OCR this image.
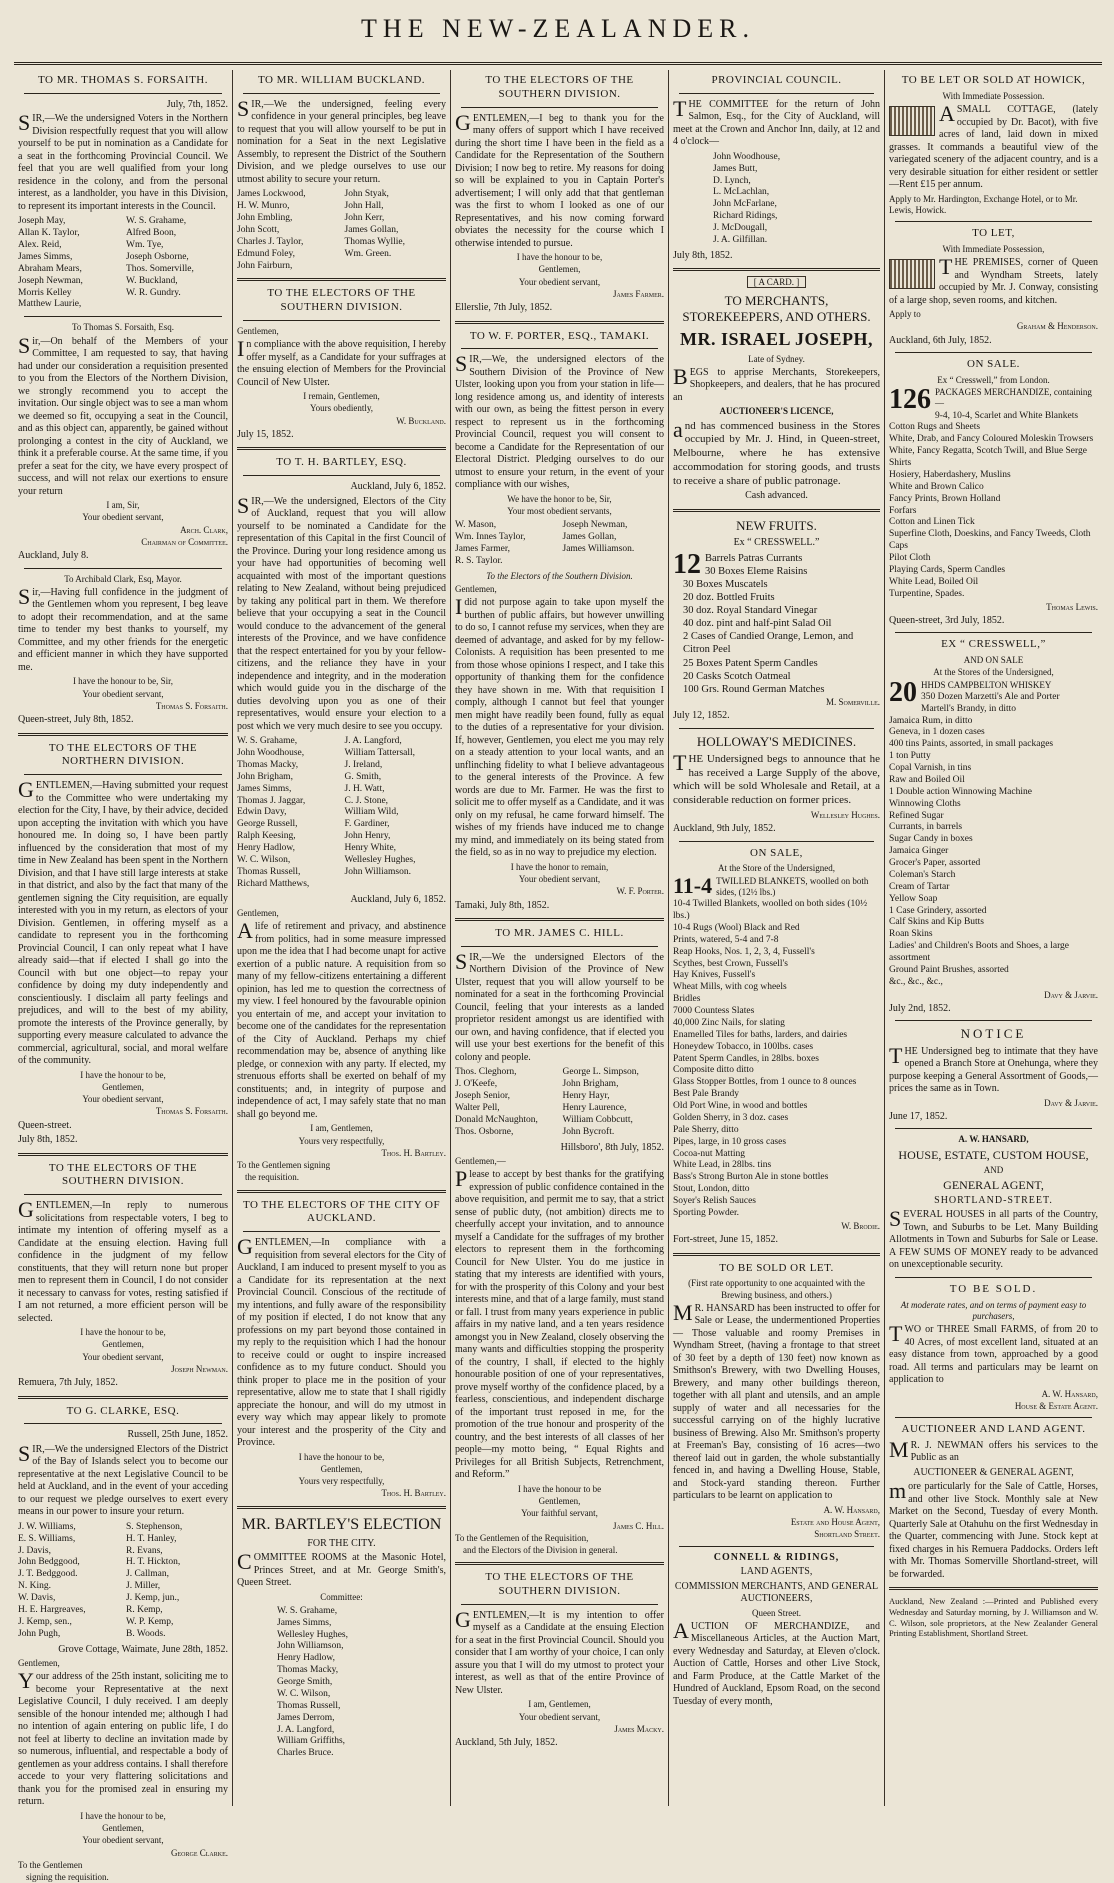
THE NEW-ZEALANDER.
TO MR. THOMAS S. FORSAITH.
July, 7th, 1852.
SIR,—We the undersigned Voters in the Northern Division respectfully request that you will allow yourself to be put in nomination as a Candidate for a seat in the forthcoming Provincial Council. We feel that you are well qualified from your long residence in the colony, and from the personal interest, as a landholder, you have in this Division, to represent its important interests in the Council.
Joseph May,	W. S. Grahame,
Allan K. Taylor,	Alfred Boon,
Alex. Reid,	Wm. Tye,
James Simms,	Joseph Osborne,
Abraham Mears,	Thos. Somerville,
Joseph Newman,	W. Buckland,
Morris Kelley	W. R. Gundry.
Matthew Laurie,
To Thomas S. Forsaith, Esq.
Sir,—On behalf of the Members of your Committee, I am requested to say, that having had under our consideration a requisition presented to you from the Electors of the Northern Division, we strongly recommend you to accept the invitation. Our single object was to see a man whom we deemed so fit, occupying a seat in the Council, and as this object can, apparently, be gained without prolonging a contest in the city of Auckland, we think it a preferable course. At the same time, if you prefer a seat for the city, we have every prospect of success, and will not relax our exertions to ensure your return
I am, Sir,
Your obedient servant,
Arch. Clark,
Chairman of Committee.
Auckland, July 8.
To Archibald Clark, Esq, Mayor.
Sir,—Having full confidence in the judgment of the Gentlemen whom you represent, I beg leave to adopt their recommendation, and at the same time to tender my best thanks to yourself, my Committee, and my other friends for the energetic and efficient manner in which they have supported me.
I have the honour to be, Sir,
Your obedient servant,
Thomas S. Forsaith.
Queen-street, July 8th, 1852.
TO THE ELECTORS OF THE NORTHERN DIVISION.
GENTLEMEN,—Having submitted your request to the Committee who were undertaking my election for the City, I have, by their advice, decided upon accepting the invitation with which you have honoured me. In doing so, I have been partly influenced by the consideration that most of my time in New Zealand has been spent in the Northern Division, and that I have still large interests at stake in that district, and also by the fact that many of the gentlemen signing the City requisition, are equally interested with you in my return, as electors of your Division. Gentlemen, in offering myself as a candidate to represent you in the forthcoming Provincial Council, I can only repeat what I have already said—that if elected I shall go into the Council with but one object—to repay your confidence by doing my duty independently and conscientiously. I disclaim all party feelings and prejudices, and will to the best of my ability, promote the interests of the Province generally, by supporting every measure calculated to advance the commercial, agricultural, social, and moral welfare of the community.
I have the honour to be,
Gentlemen,
Your obedient servant,
Thomas S. Forsaith.
Queen-street.
July 8th, 1852.
TO THE ELECTORS OF THE SOUTHERN DIVISION.
GENTLEMEN,—In reply to numerous solicitations from respectable voters, I beg to intimate my intention of offering myself as a Candidate at the ensuing election. Having full confidence in the judgment of my fellow constituents, that they will return none but proper men to represent them in Council, I do not consider it necessary to canvass for votes, resting satisfied if I am not returned, a more efficient person will be selected.
I have the honour to be,
Gentlemen,
Your obedient servant,
Joseph Newman.
Remuera, 7th July, 1852.
TO G. CLARKE, ESQ.
Russell, 25th June, 1852.
SIR,—We the undersigned Electors of the District of the Bay of Islands select you to become our representative at the next Legislative Council to be held at Auckland, and in the event of your acceding to our request we pledge ourselves to exert every means in our power to insure your return.
J. W. Williams,	S. Stephenson,
E. S. Williams,	H. T. Hanley,
J. Davis,	R. Evans,
John Bedggood,	H. T. Hickton,
J. T. Bedggood.	J. Callman,
N. King.	J. Miller,
W. Davis,	J. Kemp, jun.,
H. E. Hargreaves,	R. Kemp,
J. Kemp, sen.,	W. P. Kemp,
John Pugh,	B. Woods.
Grove Cottage, Waimate, June 28th, 1852.
Gentlemen,
Your address of the 25th instant, soliciting me to become your Representative at the next Legislative Council, I duly received. I am deeply sensible of the honour intended me; although I had no intention of again entering on public life, I do not feel at liberty to decline an invitation made by so numerous, influential, and respectable a body of gentlemen as your address contains. I shall therefore accede to your very flattering solicitations and thank you for the promised zeal in ensuring my return.
I have the honour to be,
Gentlemen,
Your obedient servant,
George Clarke.
To the Gentlemen
signing the requisition.
TO MR. WILLIAM BUCKLAND.
SIR,—We the undersigned, feeling every confidence in your general principles, beg leave to request that you will allow yourself to be put in nomination for a Seat in the next Legislative Assembly, to represent the District of the Southern Division, and we pledge ourselves to use our utmost ability to secure your return.
James Lockwood,	John Styak,
H. W. Munro,	John Hall,
John Embling,	John Kerr,
John Scott,	James Gollan,
Charles J. Taylor,	Thomas Wyllie,
Edmund Foley,	Wm. Green.
John Fairburn,
TO THE ELECTORS OF THE SOUTHERN DIVISION.
Gentlemen,
In compliance with the above requisition, I hereby offer myself, as a Candidate for your suffrages at the ensuing election of Members for the Provincial Council of New Ulster.
I remain, Gentlemen,
Yours obediently,
W. Buckland.
July 15, 1852.
TO T. H. BARTLEY, ESQ.
Auckland, July 6, 1852.
SIR,—We the undersigned, Electors of the City of Auckland, request that you will allow yourself to be nominated a Candidate for the representation of this Capital in the first Council of the Province. During your long residence among us your have had opportunities of becoming well acquainted with most of the important questions relating to New Zealand, without being prejudiced by taking any political part in them. We therefore believe that your occupying a seat in the Council would conduce to the advancement of the general interests of the Province, and we have confidence that the respect entertained for you by your fellow-citizens, and the reliance they have in your independence and integrity, and in the moderation which would guide you in the discharge of the duties devolving upon you as one of their representatives, would ensure your election to a post which we very much desire to see you occupy.
W. S. Grahame,	J. A. Langford,
John Woodhouse,	William Tattersall,
Thomas Macky,	J. Ireland,
John Brigham,	G. Smith,
James Simms,	J. H. Watt,
Thomas J. Jaggar,	C. J. Stone,
Edwin Davy,	William Wild,
George Russell,	F. Gardiner,
Ralph Keesing,	John Henry,
Henry Hadlow,	Henry White,
W. C. Wilson,	Wellesley Hughes,
Thomas Russell,	John Williamson.
Richard Matthews,
Auckland, July 6, 1852.
Gentlemen,
Alife of retirement and privacy, and abstinence from politics, had in some measure impressed upon me the idea that I had become unapt for active exertion of a public nature. A requisition from so many of my fellow-citizens entertaining a different opinion, has led me to question the correctness of my view. I feel honoured by the favourable opinion you entertain of me, and accept your invitation to become one of the candidates for the representation of the City of Auckland. Perhaps my chief recommendation may be, absence of anything like pledge, or connexion with any party. If elected, my strenuous efforts shall be exerted on behalf of my constituents; and, in integrity of purpose and independence of act, I may safely state that no man shall go beyond me.
I am, Gentlemen,
Yours very respectfully,
Thos. H. Bartley.
To the Gentlemen signing
the requisition.
TO THE ELECTORS OF THE CITY OF AUCKLAND.
GENTLEMEN,—In compliance with a requisition from several electors for the City of Auckland, I am induced to present myself to you as a Candidate for its representation at the next Provincial Council. Conscious of the rectitude of my intentions, and fully aware of the responsibility of my position if elected, I do not know that any professions on my part beyond those contained in my reply to the requisition which I had the honour to receive could or ought to inspire increased confidence as to my future conduct. Should you think proper to place me in the position of your representative, allow me to state that I shall rigidly appreciate the honour, and will do my utmost in every way which may appear likely to promote your interest and the prosperity of the City and Province.
I have the honour to be,
Gentlemen,
Yours very respectfully,
Thos. H. Bartley.
MR. BARTLEY'S ELECTION
FOR THE CITY.
COMMITTEE ROOMS at the Masonic Hotel, Princes Street, and at Mr. George Smith's, Queen Street.
Committee:
W. S. Grahame,
James Simms,
Wellesley Hughes,
John Williamson,
Henry Hadlow,
Thomas Macky,
George Smith,
W. C. Wilson,
Thomas Russell,
James Derrom,
J. A. Langford,
William Griffiths,
Charles Bruce.
TO THE ELECTORS OF THE SOUTHERN DIVISION.
GENTLEMEN,—I beg to thank you for the many offers of support which I have received during the short time I have been in the field as a Candidate for the Representation of the Southern Division; I now beg to retire. My reasons for doing so will be explained to you in Captain Porter's advertisement; I will only add that that gentleman was the first to whom I looked as one of our Representatives, and his now coming forward obviates the necessity for the course which I otherwise intended to pursue.
I have the honour to be,
Gentlemen,
Your obedient servant,
James Farmer.
Ellerslie, 7th July, 1852.
TO W. F. PORTER, ESQ., TAMAKI.
SIR,—We, the undersigned electors of the Southern Division of the Province of New Ulster, looking upon you from your station in life—long residence among us, and identity of interests with our own, as being the fittest person in every respect to represent us in the forthcoming Provincial Council, request you will consent to become a Candidate for the Representation of our Electoral District. Pledging ourselves to do our utmost to ensure your return, in the event of your compliance with our wishes,
We have the honor to be, Sir,
Your most obedient servants,
W. Mason,	Joseph Newman,
Wm. Innes Taylor,	James Gollan,
James Farmer,	James Williamson.
R. S. Taylor.
To the Electors of the Southern Division.
Gentlemen,
Idid not purpose again to take upon myself the burthen of public affairs, but however unwilling to do so, I cannot refuse my services, when they are deemed of advantage, and asked for by my fellow-Colonists. A requisition has been presented to me from those whose opinions I respect, and I take this opportunity of thanking them for the confidence they have shown in me. With that requisition I comply, although I cannot but feel that younger men might have readily been found, fully as equal to the duties of a representative for your division. If, however, Gentlemen, you elect me you may rely on a steady attention to your local wants, and an unflinching fidelity to what I believe advantageous to the general interests of the Province. A few words are due to Mr. Farmer. He was the first to solicit me to offer myself as a Candidate, and it was only on my refusal, he came forward himself. The wishes of my friends have induced me to change my mind, and immediately on its being stated from the field, so as in no way to prejudice my election.
I have the honor to remain,
Your obedient servant,
W. F. Porter.
Tamaki, July 8th, 1852.
TO MR. JAMES C. HILL.
SIR,—We the undersigned Electors of the Northern Division of the Province of New Ulster, request that you will allow yourself to be nominated for a seat in the forthcoming Provincial Council, feeling that your interests as a landed proprietor resident amongst us are identified with our own, and having confidence, that if elected you will use your best exertions for the benefit of this colony and people.
Thos. Cleghorn,	George L. Simpson,
J. O'Keefe,	John Brigham,
Joseph Senior,	Henry Hayr,
Walter Pell,	Henry Laurence,
Donald McNaughton,	William Cobbcutt,
Thos. Osborne,	John Bycroft.
Hillsboro', 8th July, 1852.
Gentlemen,—
Please to accept by best thanks for the gratifying expression of public confidence contained in the above requisition, and permit me to say, that a strict sense of public duty, (not ambition) directs me to cheerfully accept your invitation, and to announce myself a Candidate for the suffrages of my brother electors to represent them in the forthcoming Council for New Ulster. You do me justice in stating that my interests are identified with yours, for with the prosperity of this Colony and your best interests mine, and that of a large family, must stand or fall. I trust from many years experience in public affairs in my native land, and a ten years residence amongst you in New Zealand, closely observing the many wants and difficulties stopping the prosperity of the country, I shall, if elected to the highly honourable position of one of your representatives, prove myself worthy of the confidence placed, by a fearless, conscientious, and independent discharge of the important trust reposed in me, for the promotion of the true honour and prosperity of the country, and the best interests of all classes of her people—my motto being, “ Equal Rights and Privileges for all British Subjects, Retrenchment, and Reform.”
I have the honour to be
Gentlemen,
Your faithful servant,
James C. Hill.
To the Gentlemen of the Requisition,
and the Electors of the Division in general.
TO THE ELECTORS OF THE SOUTHERN DIVISION.
GENTLEMEN,—It is my intention to offer myself as a Candidate at the ensuing Election for a seat in the first Provincial Council. Should you consider that I am worthy of your choice, I can only assure you that I will do my utmost to protect your interest, as well as that of the entire Province of New Ulster.
I am, Gentlemen,
Your obedient servant,
James Macky.
Auckland, 5th July, 1852.
PROVINCIAL COUNCIL.
THE COMMITTEE for the return of John Salmon, Esq., for the City of Auckland, will meet at the Crown and Anchor Inn, daily, at 12 and 4 o'clock—
John Woodhouse,
James Butt,
D. Lynch,
L. McLachlan,
John McFarlane,
Richard Ridings,
J. McDougall,
J. A. Gilfillan.
July 8th, 1852.
[ A CARD. ]
TO MERCHANTS, STOREKEEPERS, AND OTHERS.
MR. ISRAEL JOSEPH,
Late of Sydney.
BEGS to apprise Merchants, Storekeepers, Shopkeepers, and dealers, that he has procured an
AUCTIONEER'S LICENCE,
and has commenced business in the Stores occupied by Mr. J. Hind, in Queen-street, Melbourne, where he has extensive accommodation for storing goods, and trusts to receive a share of public patronage.
Cash advanced.
NEW FRUITS.
Ex “ CRESSWELL.”
12 Barrels Patras Currants
30 Boxes Eleme Raisins
30 Boxes Muscatels
20 doz. Bottled Fruits
30 doz. Royal Standard Vinegar
40 doz. pint and half-pint Salad Oil
2 Cases of Candied Orange, Lemon, and Citron Peel
25 Boxes Patent Sperm Candles
20 Casks Scotch Oatmeal
100 Grs. Round German Matches
M. Somerville.
July 12, 1852.
HOLLOWAY'S MEDICINES.
THE Undersigned begs to announce that he has received a Large Supply of the above, which will be sold Wholesale and Retail, at a considerable reduction on former prices.
Wellesley Hughes.
Auckland, 9th July, 1852.
ON SALE,
At the Store of the Undersigned,
11-4 TWILLED BLANKETS, woolled on both sides, (12½ lbs.)
10-4 Twilled Blankets, woolled on both sides (10½ lbs.)
10-4 Rugs (Wool) Black and Red
Prints, watered, 5-4 and 7-8
Reap Hooks, Nos. 1, 2, 3, 4, Fussell's
Scythes, best Crown, Fussell's
Hay Knives, Fussell's
Wheat Mills, with cog wheels
Bridles
7000 Countess Slates
40,000 Zinc Nails, for slating
Enamelled Tiles for baths, larders, and dairies
Honeydew Tobacco, in 100lbs. cases
Patent Sperm Candles, in 28lbs. boxes
Composite ditto ditto
Glass Stopper Bottles, from 1 ounce to 8 ounces
Best Pale Brandy
Old Port Wine, in wood and bottles
Golden Sherry, in 3 doz. cases
Pale Sherry, ditto
Pipes, large, in 10 gross cases
Cocoa-nut Matting
White Lead, in 28lbs. tins
Bass's Strong Burton Ale in stone bottles
Stout, London, ditto
Soyer's Relish Sauces
Sporting Powder.
W. Brodie.
Fort-street, June 15, 1852.
TO BE SOLD OR LET.
(First rate opportunity to one acquainted with the Brewing business, and others.)
MR. HANSARD has been instructed to offer for Sale or Lease, the undermentioned Properties— Those valuable and roomy Premises in Wyndham Street, (having a frontage to that street of 30 feet by a depth of 130 feet) now known as Smithson's Brewery, with two Dwelling Houses, Brewery, and many other buildings thereon, together with all plant and utensils, and an ample supply of water and all necessaries for the successful carrying on of the highly lucrative business of Brewing. Also Mr. Smithson's property at Freeman's Bay, consisting of 16 acres—two thereof laid out in garden, the whole substantially fenced in, and having a Dwelling House, Stable, and Stock-yard standing thereon. Further particulars to be learnt on application to
A. W. Hansard,
Estate and House Agent,
Shortland Street.
CONNELL & RIDINGS,
LAND AGENTS,
COMMISSION MERCHANTS, AND GENERAL AUCTIONEERS,
Queen Street.
AUCTION OF MERCHANDIZE, and Miscellaneous Articles, at the Auction Mart, every Wednesday and Saturday, at Eleven o'clock. Auction of Cattle, Horses and other Live Stock, and Farm Produce, at the Cattle Market of the Hundred of Auckland, Epsom Road, on the second Tuesday of every month,
TO BE LET OR SOLD AT HOWICK,
With Immediate Possession.
ASMALL COTTAGE, (lately occupied by Dr. Bacot), with five acres of land, laid down in mixed grasses. It commands a beautiful view of the variegated scenery of the adjacent country, and is a very desirable situation for either resident or settler—Rent £15 per annum.
Apply to Mr. Hardington, Exchange Hotel, or to Mr. Lewis, Howick.
TO LET,
With Immediate Possession,
THE PREMISES, corner of Queen and Wyndham Streets, lately occupied by Mr. J. Conway, consisting of a large shop, seven rooms, and kitchen.
Apply to
Graham & Henderson.
Auckland, 6th July, 1852.
ON SALE.
Ex “ Cresswell,” from London.
126 PACKAGES MERCHANDIZE, containing—
9-4, 10-4, Scarlet and White Blankets
Cotton Rugs and Sheets
White, Drab, and Fancy Coloured Moleskin Trowsers
White, Fancy Regatta, Scotch Twill, and Blue Serge Shirts
Hosiery, Haberdashery, Muslins
White and Brown Calico
Fancy Prints, Brown Holland
Forfars
Cotton and Linen Tick
Superfine Cloth, Doeskins, and Fancy Tweeds, Cloth Caps
Pilot Cloth
Playing Cards, Sperm Candles
White Lead, Boiled Oil
Turpentine, Spades.
Thomas Lewis.
Queen-street, 3rd July, 1852.
EX “ CRESSWELL,”
AND ON SALE
At the Stores of the Undersigned,
20 HHDS CAMPBELTON WHISKEY
350 Dozen Marzetti's Ale and Porter
Martell's Brandy, in ditto
Jamaica Rum, in ditto
Geneva, in 1 dozen cases
400 tins Paints, assorted, in small packages
1 ton Putty
Copal Varnish, in tins
Raw and Boiled Oil
1 Double action Winnowing Machine
Winnowing Cloths
Refined Sugar
Currants, in barrels
Sugar Candy in boxes
Jamaica Ginger
Grocer's Paper, assorted
Coleman's Starch
Cream of Tartar
Yellow Soap
1 Case Grindery, assorted
Calf Skins and Kip Butts
Roan Skins
Ladies' and Children's Boots and Shoes, a large assortment
Ground Paint Brushes, assorted
&c., &c., &c.,
Davy & Jarvie.
July 2nd, 1852.
NOTICE
THE Undersigned beg to intimate that they have opened a Branch Store at Onehunga, where they purpose keeping a General Assortment of Goods,—prices the same as in Town.
Davy & Jarvie.
June 17, 1852.
A. W. HANSARD,
HOUSE, ESTATE, CUSTOM HOUSE,
AND
GENERAL AGENT,
SHORTLAND-STREET.
SEVERAL HOUSES in all parts of the Country, Town, and Suburbs to be Let. Many Building Allotments in Town and Suburbs for Sale or Lease. A FEW SUMS OF MONEY ready to be advanced on unexceptionable security.
TO BE SOLD.
At moderate rates, and on terms of payment easy to purchasers,
TWO or THREE Small FARMS, of from 20 to 40 Acres, of most excellent land, situated at an easy distance from town, approached by a good road. All terms and particulars may be learnt on application to
A. W. Hansard,
House & Estate Agent.
AUCTIONEER AND LAND AGENT.
MR. J. NEWMAN offers his services to the Public as an
AUCTIONEER & GENERAL AGENT,
more particularly for the Sale of Cattle, Horses, and other live Stock. Monthly sale at New Market on the Second, Tuesday of every Month. Quarterly Sale at Otahuhu on the first Wednesday in the Quarter, commencing with June. Stock kept at fixed charges in his Remuera Paddocks. Orders left with Mr. Thomas Somerville Shortland-street, will be forwarded.
Auckland, New Zealand :—Printed and Published every Wednesday and Saturday morning, by J. Williamson and W. C. Wilson, sole proprietors, at the New Zealander General Printing Establishment, Shortland Street.
